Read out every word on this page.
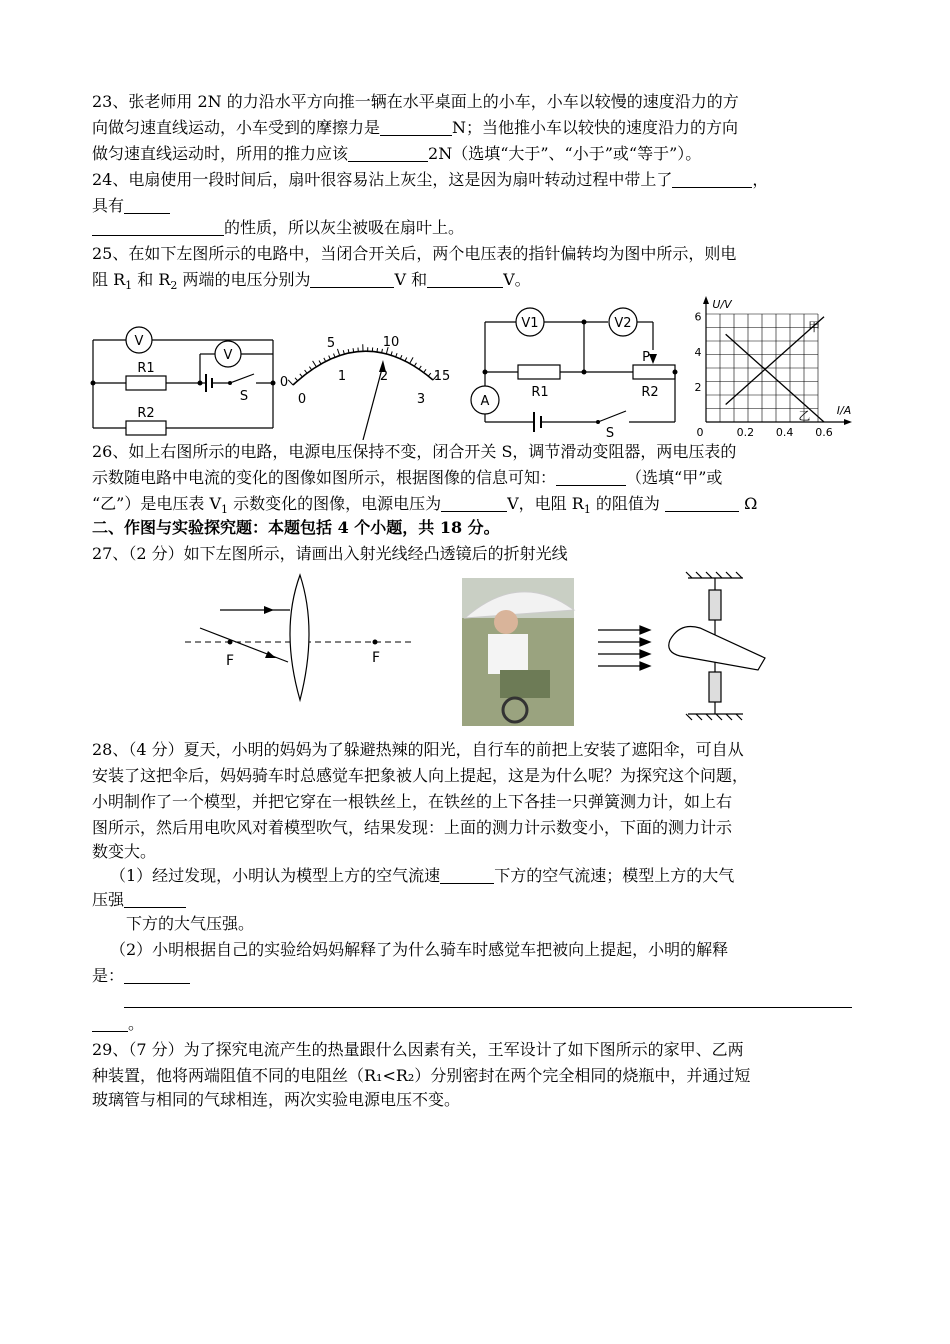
23、张老师用 2N 的力沿水平方向推一辆在水平桌面上的小车，小车以较慢的速度沿力的方
向做匀速直线运动，小车受到的摩擦力是	N；当他推小车以较快的速度沿力的方向
做匀速直线运动时，所用的推力应该	2N（选填“大于”、“小于”或“等于”）。
24、电扇使用一段时间后，扇叶很容易沾上灰尘，这是因为扇叶转动过程中带上了	，
具有
的性质，所以灰尘被吸在扇叶上。
25、在如下左图所示的电路中，当闭合开关后，两个电压表的指针偏转均为图中所示，则电
阻 $R_1$ 和 $R_2$ 两端的电压分别为	V 和	V。
V
V
R1
R2
S
0
5	10
15
0
1	2
3
V1	V2
A
R1	R2
P
S
U/V
I/A
2
4
6
0	0.2 0.4 0.6
甲
乙
26、如上右图所示的电路，电源电压保持不变，闭合开关 S，调节滑动变阻器，两电压表的
示数随电路中电流的变化的图像如图所示，根据图像的信息可知：	（选填“甲”或
“乙”）是电压表 $V_1$ 示数变化的图像，电源电压为	V，电阻 $R_1$ 的阻值为	Ω
二、作图与实验探究题：本题包括 4 个小题，共 18 分。
27、（2 分）如下左图所示，请画出入射光线经凸透镜后的折射光线
F	F
28、（4 分）夏天，小明的妈妈为了躲避热辣的阳光，自行车的前把上安装了遮阳伞，可自从
安装了这把伞后，妈妈骑车时总感觉车把象被人向上提起，这是为什么呢？为探究这个问题，
小明制作了一个模型，并把它穿在一根铁丝上，在铁丝的上下各挂一只弹簧测力计，如上右
图所示，然后用电吹风对着模型吹气，结果发现：上面的测力计示数变小，下面的测力计示
数变大。
（1）经过发现，小明认为模型上方的空气流速	下方的空气流速；模型上方的大气
压强
下方的大气压强。
（2）小明根据自己的实验给妈妈解释了为什么骑车时感觉车把被向上提起，小明的解释
是：
。
29、（7 分）为了探究电流产生的热量跟什么因素有关，王军设计了如下图所示的家甲、乙两
种装置，他将两端阻值不同的电阻丝（R₁<R₂）分别密封在两个完全相同的烧瓶中，并通过短
玻璃管与相同的气球相连，两次实验电源电压不变。
